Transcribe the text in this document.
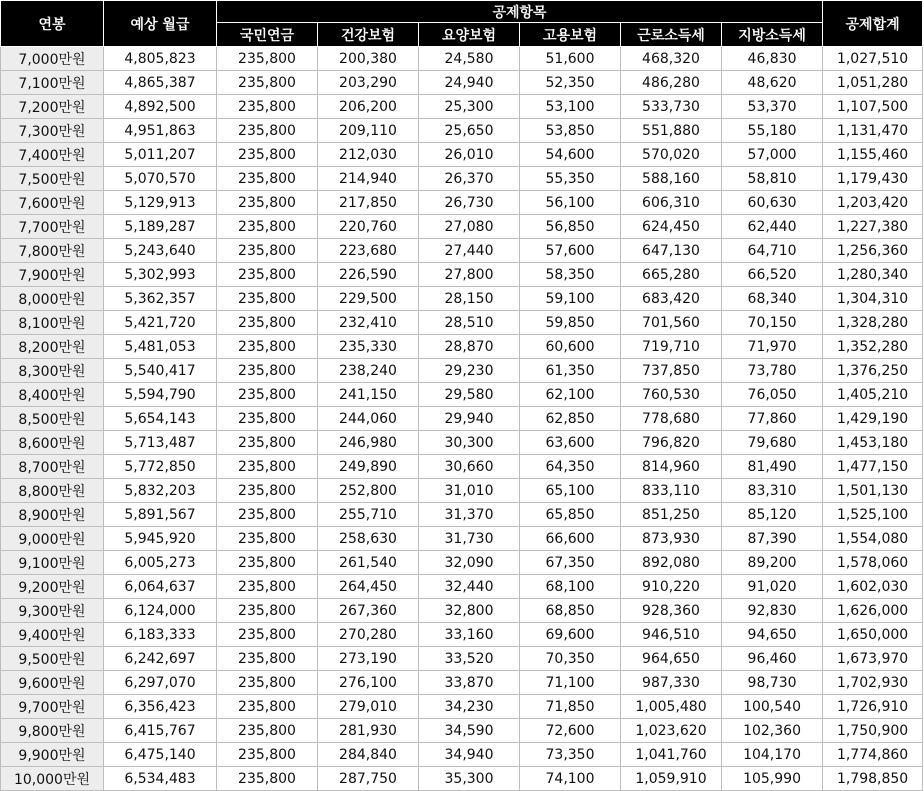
연봉	예상 월급	공제항목						공제합계
		국민연금	건강보험	요양보험	고용보험	근로소득세	지방소득세	
7,000만원	4,805,823	235,800	200,380	24,580	51,600	468,320	46,830	1,027,510
7,100만원	4,865,387	235,800	203,290	24,940	52,350	486,280	48,620	1,051,280
7,200만원	4,892,500	235,800	206,200	25,300	53,100	533,730	53,370	1,107,500
7,300만원	4,951,863	235,800	209,110	25,650	53,850	551,880	55,180	1,131,470
7,400만원	5,011,207	235,800	212,030	26,010	54,600	570,020	57,000	1,155,460
7,500만원	5,070,570	235,800	214,940	26,370	55,350	588,160	58,810	1,179,430
7,600만원	5,129,913	235,800	217,850	26,730	56,100	606,310	60,630	1,203,420
7,700만원	5,189,287	235,800	220,760	27,080	56,850	624,450	62,440	1,227,380
7,800만원	5,243,640	235,800	223,680	27,440	57,600	647,130	64,710	1,256,360
7,900만원	5,302,993	235,800	226,590	27,800	58,350	665,280	66,520	1,280,340
8,000만원	5,362,357	235,800	229,500	28,150	59,100	683,420	68,340	1,304,310
8,100만원	5,421,720	235,800	232,410	28,510	59,850	701,560	70,150	1,328,280
8,200만원	5,481,053	235,800	235,330	28,870	60,600	719,710	71,970	1,352,280
8,300만원	5,540,417	235,800	238,240	29,230	61,350	737,850	73,780	1,376,250
8,400만원	5,594,790	235,800	241,150	29,580	62,100	760,530	76,050	1,405,210
8,500만원	5,654,143	235,800	244,060	29,940	62,850	778,680	77,860	1,429,190
8,600만원	5,713,487	235,800	246,980	30,300	63,600	796,820	79,680	1,453,180
8,700만원	5,772,850	235,800	249,890	30,660	64,350	814,960	81,490	1,477,150
8,800만원	5,832,203	235,800	252,800	31,010	65,100	833,110	83,310	1,501,130
8,900만원	5,891,567	235,800	255,710	31,370	65,850	851,250	85,120	1,525,100
9,000만원	5,945,920	235,800	258,630	31,730	66,600	873,930	87,390	1,554,080
9,100만원	6,005,273	235,800	261,540	32,090	67,350	892,080	89,200	1,578,060
9,200만원	6,064,637	235,800	264,450	32,440	68,100	910,220	91,020	1,602,030
9,300만원	6,124,000	235,800	267,360	32,800	68,850	928,360	92,830	1,626,000
9,400만원	6,183,333	235,800	270,280	33,160	69,600	946,510	94,650	1,650,000
9,500만원	6,242,697	235,800	273,190	33,520	70,350	964,650	96,460	1,673,970
9,600만원	6,297,070	235,800	276,100	33,870	71,100	987,330	98,730	1,702,930
9,700만원	6,356,423	235,800	279,010	34,230	71,850	1,005,480	100,540	1,726,910
9,800만원	6,415,767	235,800	281,930	34,590	72,600	1,023,620	102,360	1,750,900
9,900만원	6,475,140	235,800	284,840	34,940	73,350	1,041,760	104,170	1,774,860
10,000만원	6,534,483	235,800	287,750	35,300	74,100	1,059,910	105,990	1,798,850
